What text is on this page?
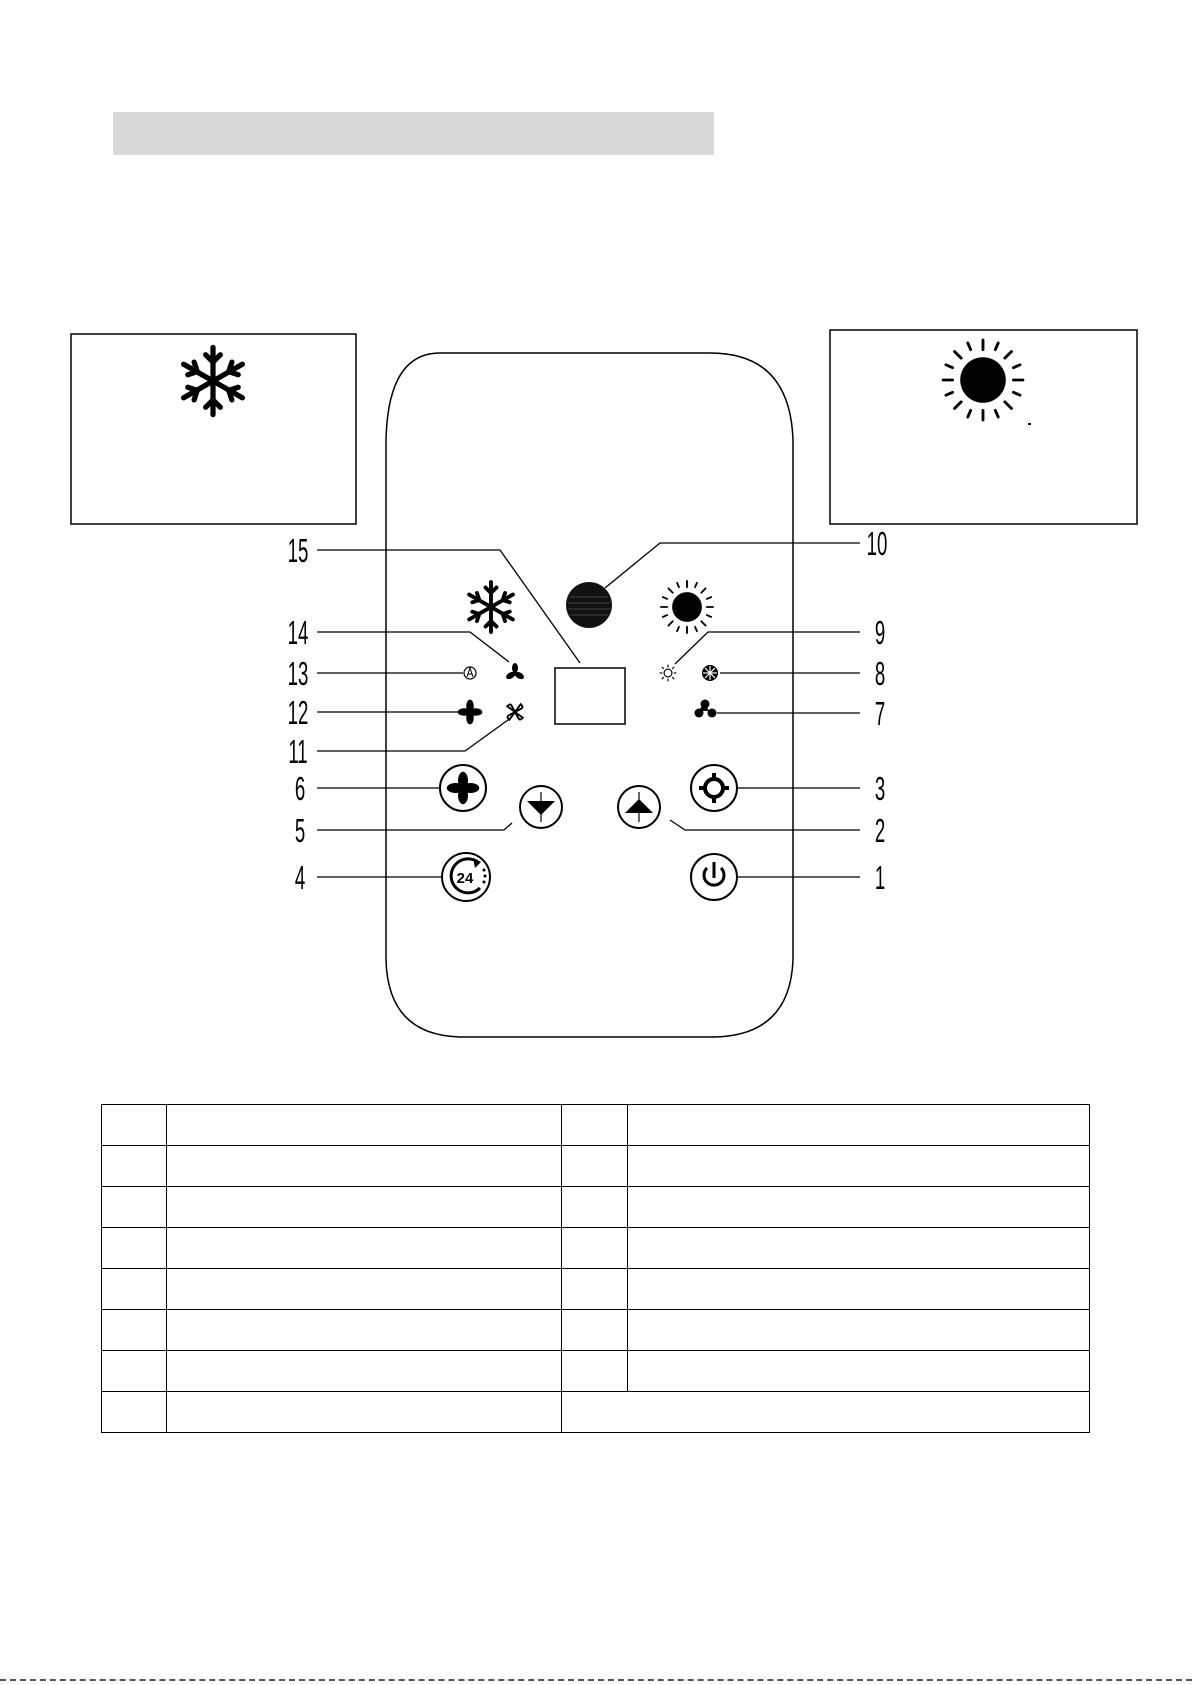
24
15
14
13
12
11
6
5
4
10
9
8
7
3
2
1
